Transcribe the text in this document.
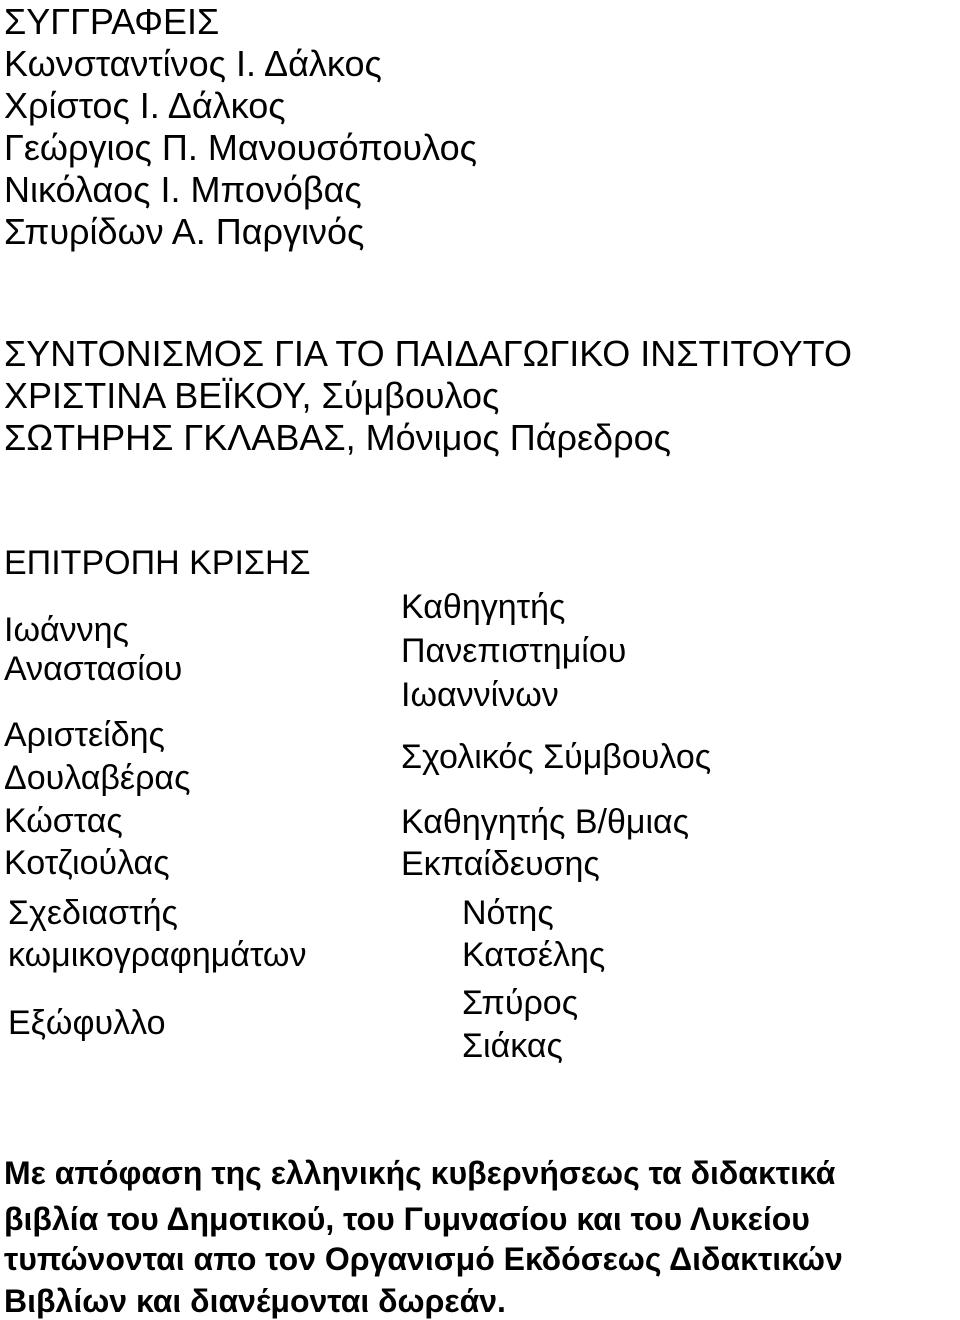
ΣΥΓΓΡΑΦΕΙΣ
Κωνσταντίνος Ι. Δάλκος
Χρίστος Ι. Δάλκος
Γεώργιος Π. Μανουσόπουλος
Νικόλαος Ι. Μπονόβας
Σπυρίδων Α. Παργινός
ΣΥΝΤΟΝΙΣΜΟΣ ΓΙΑ ΤΟ ΠΑΙΔΑΓΩΓΙΚΟ ΙΝΣΤΙΤΟΥΤΟ
ΧΡΙΣΤΙΝΑ ΒΕΪΚΟΥ, Σύμβουλος
ΣΩΤΗΡΗΣ ΓΚΛΑΒΑΣ, Μόνιμος Πάρεδρος
ΕΠΙΤΡΟΠΗ ΚΡΙΣΗΣ
Ιωάννης
Αναστασίου
Καθηγητής
Πανεπιστημίου
Ιωαννίνων
Αριστείδης
Δουλαβέρας
Σχολικός Σύμβουλος
Κώστας
Κοτζιούλας
Καθηγητής Β/θμιας
Εκπαίδευσης
Σχεδιαστής
κωμικογραφημάτων
Νότης
Κατσέλης
Εξώφυλλο
Σπύρος
Σιάκας
Με απόφαση της ελληνικής κυβερνήσεως τα διδακτικά
βιβλία του Δημοτικού, του Γυμνασίου και του Λυκείου
τυπώνονται απο τον Οργανισμό Εκδόσεως Διδακτικών
Βιβλίων και διανέμονται δωρεάν.
